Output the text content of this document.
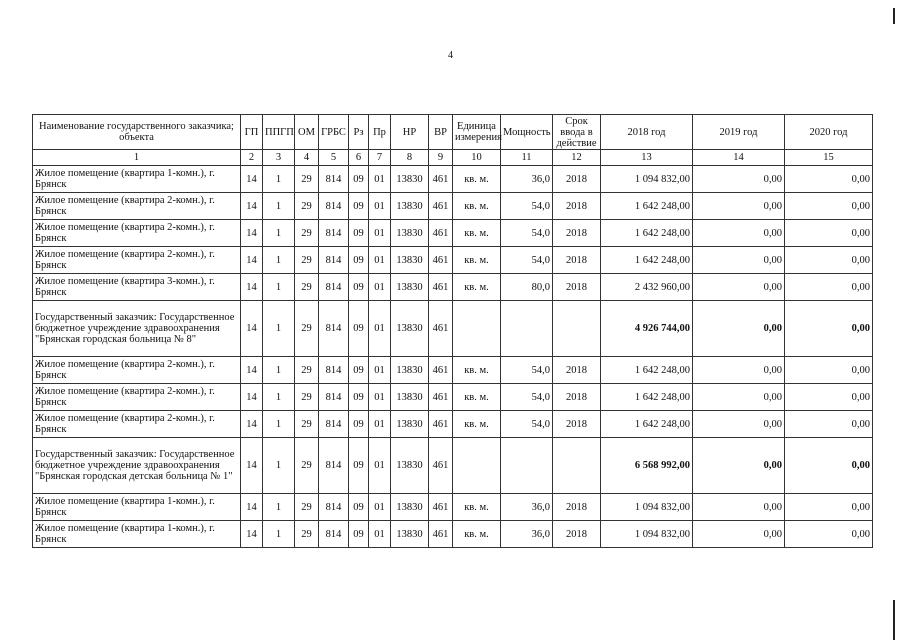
4
Наименование государственного заказчика; объекта	ГП	ППГП	ОМ	ГРБС	Рз	Пр	НР	ВР	Единица измерения	Мощность	Срок ввода в действие	2018 год	2019 год	2020 год
1	2	3	4	5	6	7	8	9	10	11	12	13	14	15
Жилое помещение (квартира 1-комн.), г. Брянск	14	1	29	814	09	01	13830	461	кв. м.	36,0	2018	1 094 832,00	0,00	0,00
Жилое помещение (квартира 2-комн.), г. Брянск	14	1	29	814	09	01	13830	461	кв. м.	54,0	2018	1 642 248,00	0,00	0,00
Жилое помещение (квартира 2-комн.), г. Брянск	14	1	29	814	09	01	13830	461	кв. м.	54,0	2018	1 642 248,00	0,00	0,00
Жилое помещение (квартира 2-комн.), г. Брянск	14	1	29	814	09	01	13830	461	кв. м.	54,0	2018	1 642 248,00	0,00	0,00
Жилое помещение (квартира 3-комн.), г. Брянск	14	1	29	814	09	01	13830	461	кв. м.	80,0	2018	2 432 960,00	0,00	0,00
Государственный заказчик: Государственное бюджетное учреждение здравоохранения "Брянская городская больница № 8"	14	1	29	814	09	01	13830	461				4 926 744,00	0,00	0,00
Жилое помещение (квартира 2-комн.), г. Брянск	14	1	29	814	09	01	13830	461	кв. м.	54,0	2018	1 642 248,00	0,00	0,00
Жилое помещение (квартира 2-комн.), г. Брянск	14	1	29	814	09	01	13830	461	кв. м.	54,0	2018	1 642 248,00	0,00	0,00
Жилое помещение (квартира 2-комн.), г. Брянск	14	1	29	814	09	01	13830	461	кв. м.	54,0	2018	1 642 248,00	0,00	0,00
Государственный заказчик: Государственное бюджетное учреждение здравоохранения "Брянская городская детская больница № 1"	14	1	29	814	09	01	13830	461				6 568 992,00	0,00	0,00
Жилое помещение (квартира 1-комн.), г. Брянск	14	1	29	814	09	01	13830	461	кв. м.	36,0	2018	1 094 832,00	0,00	0,00
Жилое помещение (квартира 1-комн.), г. Брянск	14	1	29	814	09	01	13830	461	кв. м.	36,0	2018	1 094 832,00	0,00	0,00
